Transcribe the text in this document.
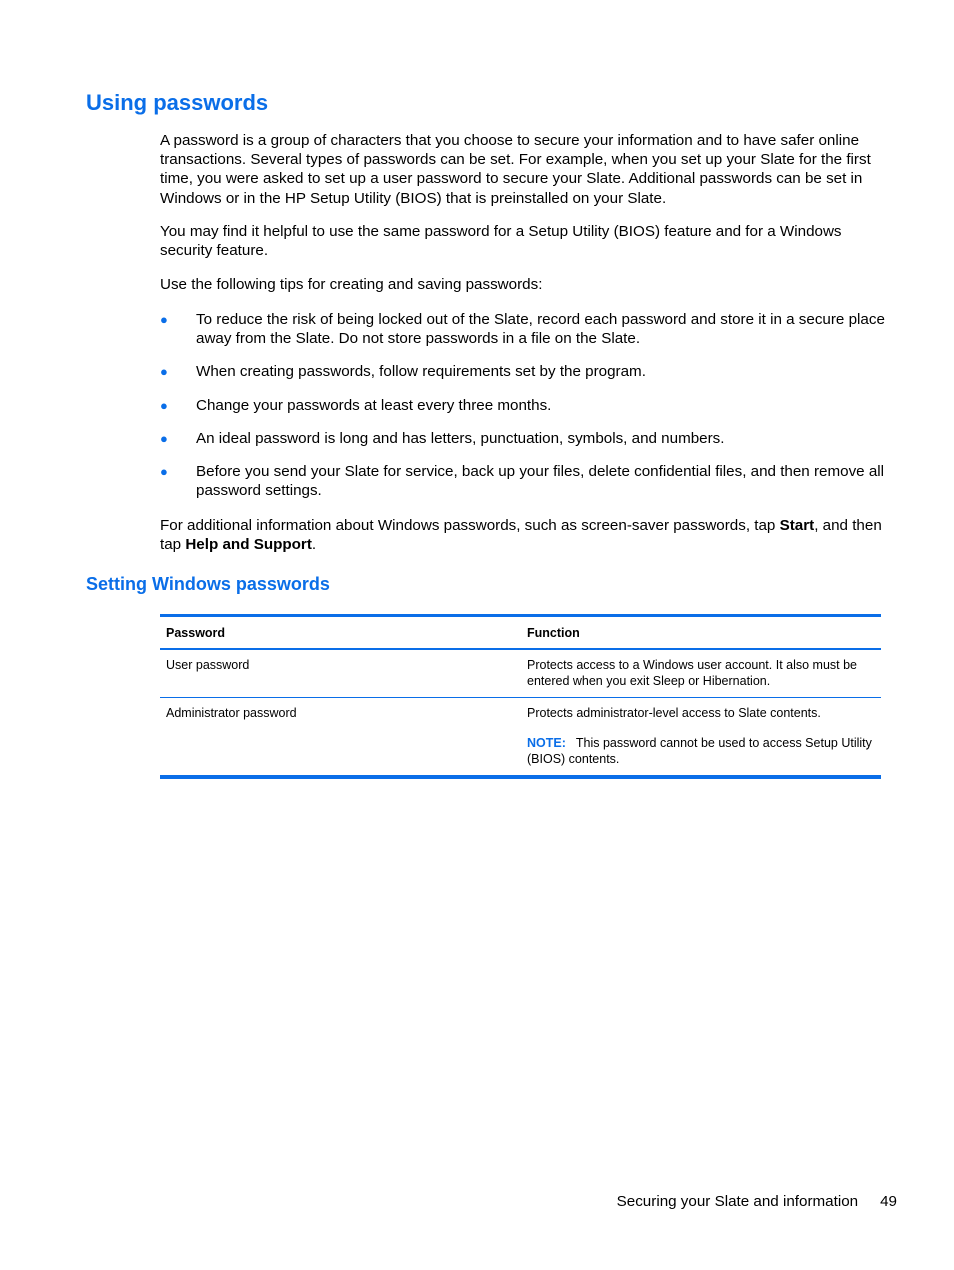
Using passwords

A password is a group of characters that you choose to secure your information and to have safer online transactions. Several types of passwords can be set. For example, when you set up your Slate for the first time, you were asked to set up a user password to secure your Slate. Additional passwords can be set in Windows or in the HP Setup Utility (BIOS) that is preinstalled on your Slate.

You may find it helpful to use the same password for a Setup Utility (BIOS) feature and for a Windows security feature.

Use the following tips for creating and saving passwords:

● To reduce the risk of being locked out of the Slate, record each password and store it in a secure place away from the Slate. Do not store passwords in a file on the Slate.
● When creating passwords, follow requirements set by the program.
● Change your passwords at least every three months.
● An ideal password is long and has letters, punctuation, symbols, and numbers.
● Before you send your Slate for service, back up your files, delete confidential files, and then remove all password settings.

For additional information about Windows passwords, such as screen-saver passwords, tap Start, and then tap Help and Support.

Setting Windows passwords
Password	Function
User password	Protects access to a Windows user account. It also must be entered when you exit Sleep or Hibernation.
Administrator password	Protects administrator-level access to Slate contents.
NOTE: This password cannot be used to access Setup Utility (BIOS) contents.
Securing your Slate and information 49
